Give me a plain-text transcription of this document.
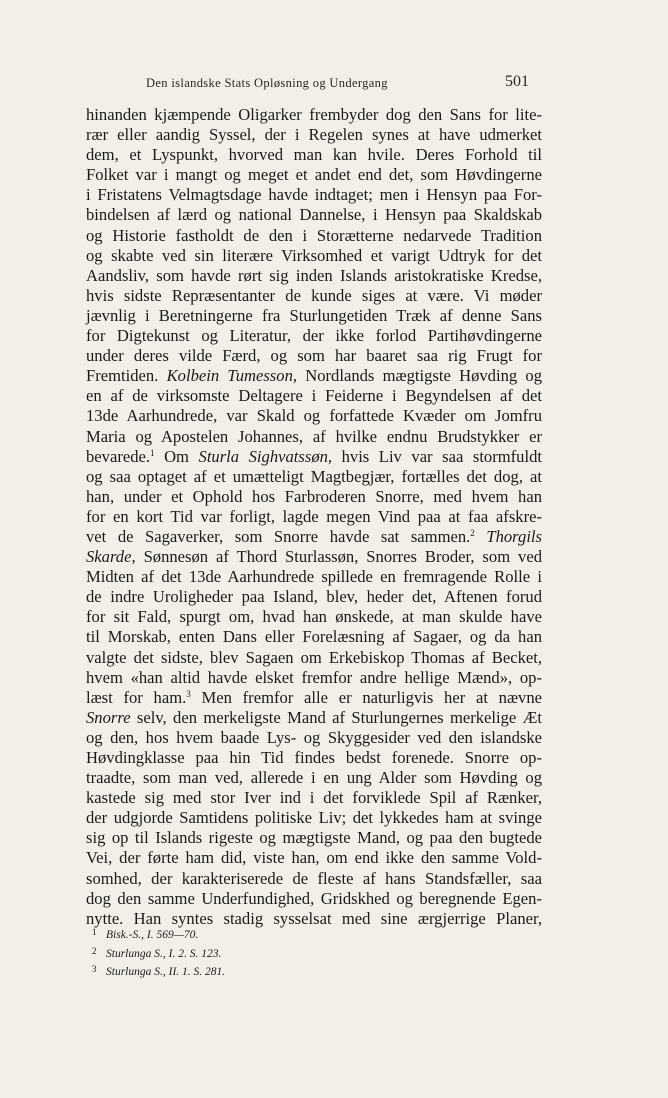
Den islandske Stats Opløsning og Undergang	501
hinanden kjæmpende Oligarker frembyder dog den Sans for lite-
rær eller aandig Syssel, der i Regelen synes at have udmerket
dem, et Lyspunkt, hvorved man kan hvile. Deres Forhold til
Folket var i mangt og meget et andet end det, som Høvdingerne
i Fristatens Velmagtsdage havde indtaget; men i Hensyn paa For-
bindelsen af lærd og national Dannelse, i Hensyn paa Skaldskab
og Historie fastholdt de den i Storætterne nedarvede Tradition
og skabte ved sin literære Virksomhed et varigt Udtryk for det
Aandsliv, som havde rørt sig inden Islands aristokratiske Kredse,
hvis sidste Repræsentanter de kunde siges at være. Vi møder
jævnlig i Beretningerne fra Sturlungetiden Træk af denne Sans
for Digtekunst og Literatur, der ikke forlod Partihøvdingerne
under deres vilde Færd, og som har baaret saa rig Frugt for
Fremtiden. Kolbein Tumesson, Nordlands mægtigste Høvding og
en af de virksomste Deltagere i Feiderne i Begyndelsen af det
13de Aarhundrede, var Skald og forfattede Kvæder om Jomfru
Maria og Apostelen Johannes, af hvilke endnu Brudstykker er
bevarede.$^1$ Om Sturla Sighvatssøn, hvis Liv var saa stormfuldt
og saa optaget af et umætteligt Magtbegjær, fortælles det dog, at
han, under et Ophold hos Farbroderen Snorre, med hvem han
for en kort Tid var forligt, lagde megen Vind paa at faa afskre-
vet de Sagaverker, som Snorre havde sat sammen.$^2$ Thorgils
Skarde, Sønnesøn af Thord Sturlassøn, Snorres Broder, som ved
Midten af det 13de Aarhundrede spillede en fremragende Rolle i
de indre Uroligheder paa Island, blev, heder det, Aftenen forud
for sit Fald, spurgt om, hvad han ønskede, at man skulde have
til Morskab, enten Dans eller Forelæsning af Sagaer, og da han
valgte det sidste, blev Sagaen om Erkebiskop Thomas af Becket,
hvem «han altid havde elsket fremfor andre hellige Mænd», op-
læst for ham.$^3$ Men fremfor alle er naturligvis her at nævne
Snorre selv, den merkeligste Mand af Sturlungernes merkelige Æt
og den, hos hvem baade Lys- og Skyggesider ved den islandske
Høvdingklasse paa hin Tid findes bedst forenede. Snorre op-
traadte, som man ved, allerede i en ung Alder som Høvding og
kastede sig med stor Iver ind i det forviklede Spil af Rænker,
der udgjorde Samtidens politiske Liv; det lykkedes ham at svinge
sig op til Islands rigeste og mægtigste Mand, og paa den bugtede
Vei, der førte ham did, viste han, om end ikke den samme Vold-
somhed, der karakteriserede de fleste af hans Standsfæller, saa
dog den samme Underfundighed, Gridskhed og beregnende Egen-
nytte. Han syntes stadig sysselsat med sine ærgjerrige Planer,
1 Bisk.-S., I. 569—70.
2 Sturlunga S., I. 2. S. 123.
3 Sturlunga S., II. 1. S. 281.
